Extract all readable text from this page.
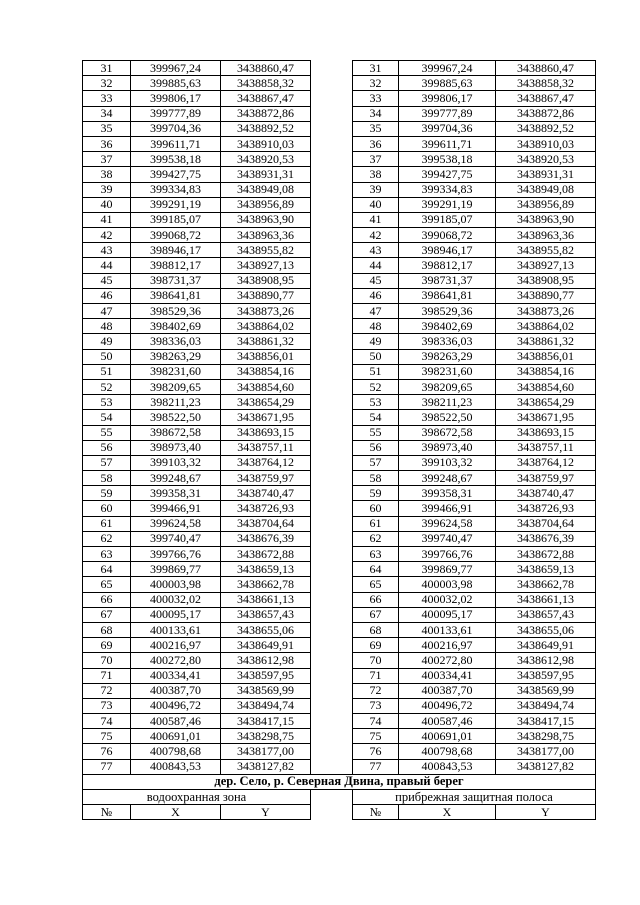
31	399967,24	3438860,47		31	399967,24	3438860,47
32	399885,63	3438858,32		32	399885,63	3438858,32
33	399806,17	3438867,47		33	399806,17	3438867,47
34	399777,89	3438872,86		34	399777,89	3438872,86
35	399704,36	3438892,52		35	399704,36	3438892,52
36	399611,71	3438910,03		36	399611,71	3438910,03
37	399538,18	3438920,53		37	399538,18	3438920,53
38	399427,75	3438931,31		38	399427,75	3438931,31
39	399334,83	3438949,08		39	399334,83	3438949,08
40	399291,19	3438956,89		40	399291,19	3438956,89
41	399185,07	3438963,90		41	399185,07	3438963,90
42	399068,72	3438963,36		42	399068,72	3438963,36
43	398946,17	3438955,82		43	398946,17	3438955,82
44	398812,17	3438927,13		44	398812,17	3438927,13
45	398731,37	3438908,95		45	398731,37	3438908,95
46	398641,81	3438890,77		46	398641,81	3438890,77
47	398529,36	3438873,26		47	398529,36	3438873,26
48	398402,69	3438864,02		48	398402,69	3438864,02
49	398336,03	3438861,32		49	398336,03	3438861,32
50	398263,29	3438856,01		50	398263,29	3438856,01
51	398231,60	3438854,16		51	398231,60	3438854,16
52	398209,65	3438854,60		52	398209,65	3438854,60
53	398211,23	3438654,29		53	398211,23	3438654,29
54	398522,50	3438671,95		54	398522,50	3438671,95
55	398672,58	3438693,15		55	398672,58	3438693,15
56	398973,40	3438757,11		56	398973,40	3438757,11
57	399103,32	3438764,12		57	399103,32	3438764,12
58	399248,67	3438759,97		58	399248,67	3438759,97
59	399358,31	3438740,47		59	399358,31	3438740,47
60	399466,91	3438726,93		60	399466,91	3438726,93
61	399624,58	3438704,64		61	399624,58	3438704,64
62	399740,47	3438676,39		62	399740,47	3438676,39
63	399766,76	3438672,88		63	399766,76	3438672,88
64	399869,77	3438659,13		64	399869,77	3438659,13
65	400003,98	3438662,78		65	400003,98	3438662,78
66	400032,02	3438661,13		66	400032,02	3438661,13
67	400095,17	3438657,43		67	400095,17	3438657,43
68	400133,61	3438655,06		68	400133,61	3438655,06
69	400216,97	3438649,91		69	400216,97	3438649,91
70	400272,80	3438612,98		70	400272,80	3438612,98
71	400334,41	3438597,95		71	400334,41	3438597,95
72	400387,70	3438569,99		72	400387,70	3438569,99
73	400496,72	3438494,74		73	400496,72	3438494,74
74	400587,46	3438417,15		74	400587,46	3438417,15
75	400691,01	3438298,75		75	400691,01	3438298,75
76	400798,68	3438177,00		76	400798,68	3438177,00
77	400843,53	3438127,82		77	400843,53	3438127,82
дер. Село, р. Северная Двина, правый берег						
водоохранная зона				прибрежная защитная полоса		
№	X	Y		№	X	Y
